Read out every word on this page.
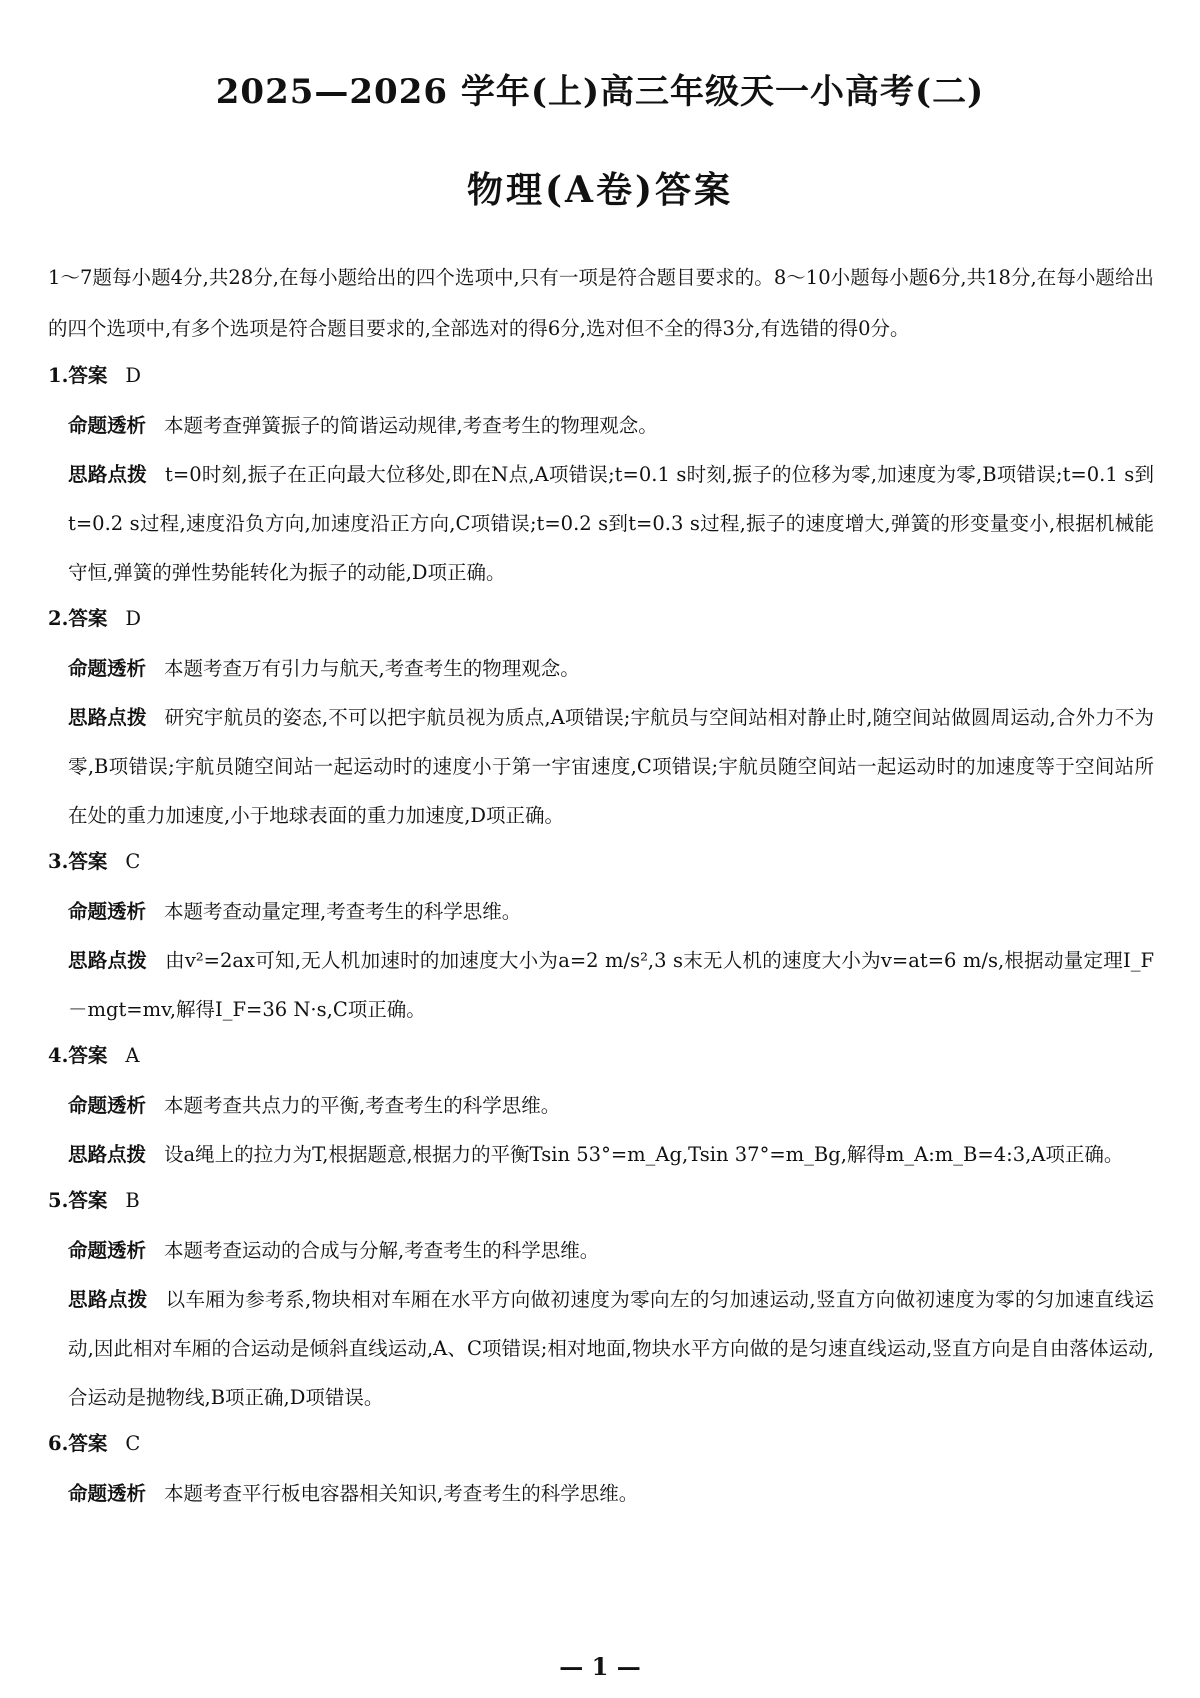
2025—2026 学年(上)高三年级天一小高考(二)
物理(A卷)答案

1～7题每小题4分,共28分,在每小题给出的四个选项中,只有一项是符合题目要求的。8～10小题每小题6分,共18分,在每小题给出的四个选项中,有多个选项是符合题目要求的,全部选对的得6分,选对但不全的得3分,有选错的得0分。

1.答案 D
命题透析 本题考查弹簧振子的简谐运动规律,考查考生的物理观念。
思路点拨 t=0时刻,振子在正向最大位移处,即在N点,A项错误;t=0.1 s时刻,振子的位移为零,加速度为零,B项错误;t=0.1 s到t=0.2 s过程,速度沿负方向,加速度沿正方向,C项错误;t=0.2 s到t=0.3 s过程,振子的速度增大,弹簧的形变量变小,根据机械能守恒,弹簧的弹性势能转化为振子的动能,D项正确。
2.答案 D
命题透析 本题考查万有引力与航天,考查考生的物理观念。
思路点拨 研究宇航员的姿态,不可以把宇航员视为质点,A项错误;宇航员与空间站相对静止时,随空间站做圆周运动,合外力不为零,B项错误;宇航员随空间站一起运动时的速度小于第一宇宙速度,C项错误;宇航员随空间站一起运动时的加速度等于空间站所在处的重力加速度,小于地球表面的重力加速度,D项正确。
3.答案 C
命题透析 本题考查动量定理,考查考生的科学思维。
思路点拨 由v²=2ax可知,无人机加速时的加速度大小为a=2 m/s²,3 s末无人机的速度大小为v=at=6 m/s,根据动量定理I_F－mgt=mv,解得I_F=36 N·s,C项正确。
4.答案 A
命题透析 本题考查共点力的平衡,考查考生的科学思维。
思路点拨 设a绳上的拉力为T,根据题意,根据力的平衡Tsin 53°=m_Ag,Tsin 37°=m_Bg,解得m_A:m_B=4:3,A项正确。
5.答案 B
命题透析 本题考查运动的合成与分解,考查考生的科学思维。
思路点拨 以车厢为参考系,物块相对车厢在水平方向做初速度为零向左的匀加速运动,竖直方向做初速度为零的匀加速直线运动,因此相对车厢的合运动是倾斜直线运动,A、C项错误;相对地面,物块水平方向做的是匀速直线运动,竖直方向是自由落体运动,合运动是抛物线,B项正确,D项错误。
6.答案 C
命题透析 本题考查平行板电容器相关知识,考查考生的科学思维。
— 1 —
